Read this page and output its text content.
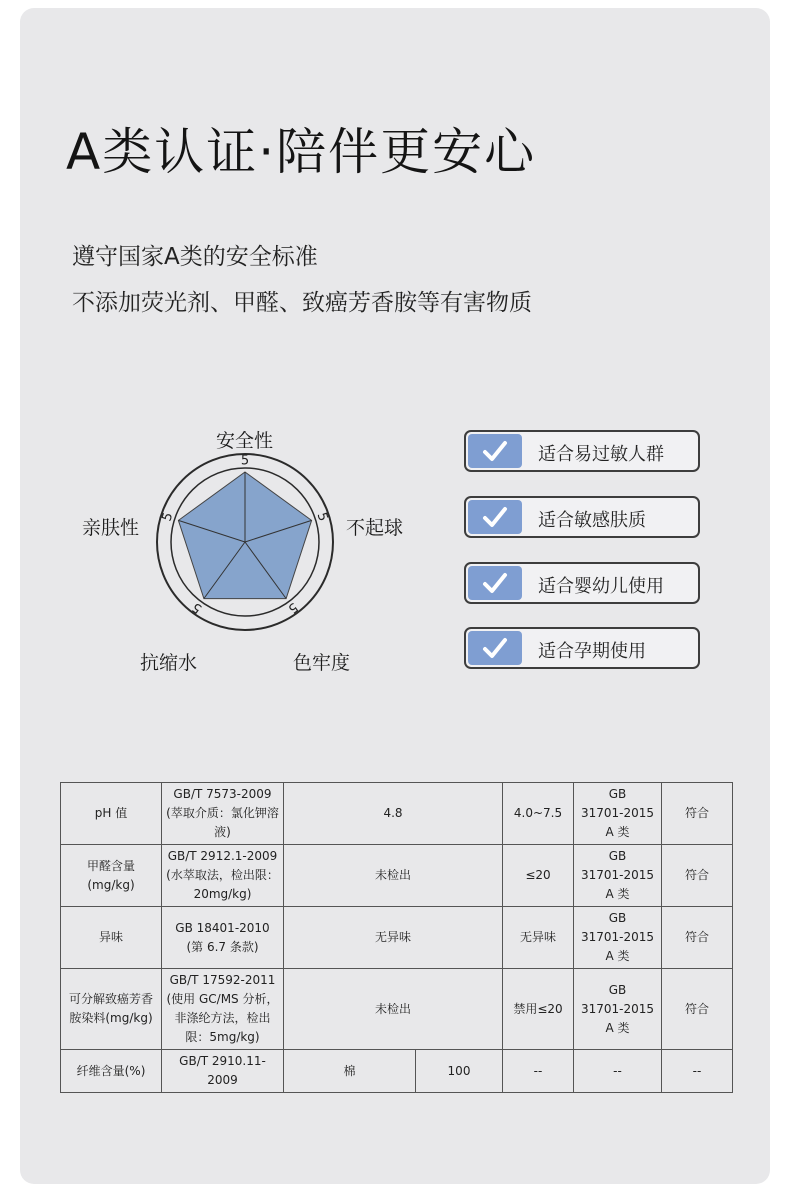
A类认证·陪伴更安心

遵守国家A类的安全标准

不添加荧光剂、甲醛、致癌芳香胺等有害物质

5
5
5
5
5
安全性
不起球
色牢度
抗缩水
亲肤性
适合易过敏人群
适合敏感肤质
适合婴幼儿使用
适合孕期使用
pH 值	GB/T 7573-2009
(萃取介质：氯化钾溶
液)	4.8		4.0~7.5	GB
31701-2015
A 类	符合

甲醛含量
(mg/kg)	GB/T 2912.1-2009
(水萃取法，检出限：
20mg/kg)	未检出		≤20	GB
31701-2015
A 类	符合

异味	GB 18401-2010
(第 6.7 条款)	无异味		无异味	GB
31701-2015
A 类	符合

可分解致癌芳香
胺染料(mg/kg)	GB/T 17592-2011
(使用 GC/MS 分析，
非涤纶方法，检出
限：5mg/kg)	未检出		禁用≤20	GB
31701-2015
A 类	符合
纤维含量(%)	GB/T 2910.11-2009	棉	100	--	--	--
